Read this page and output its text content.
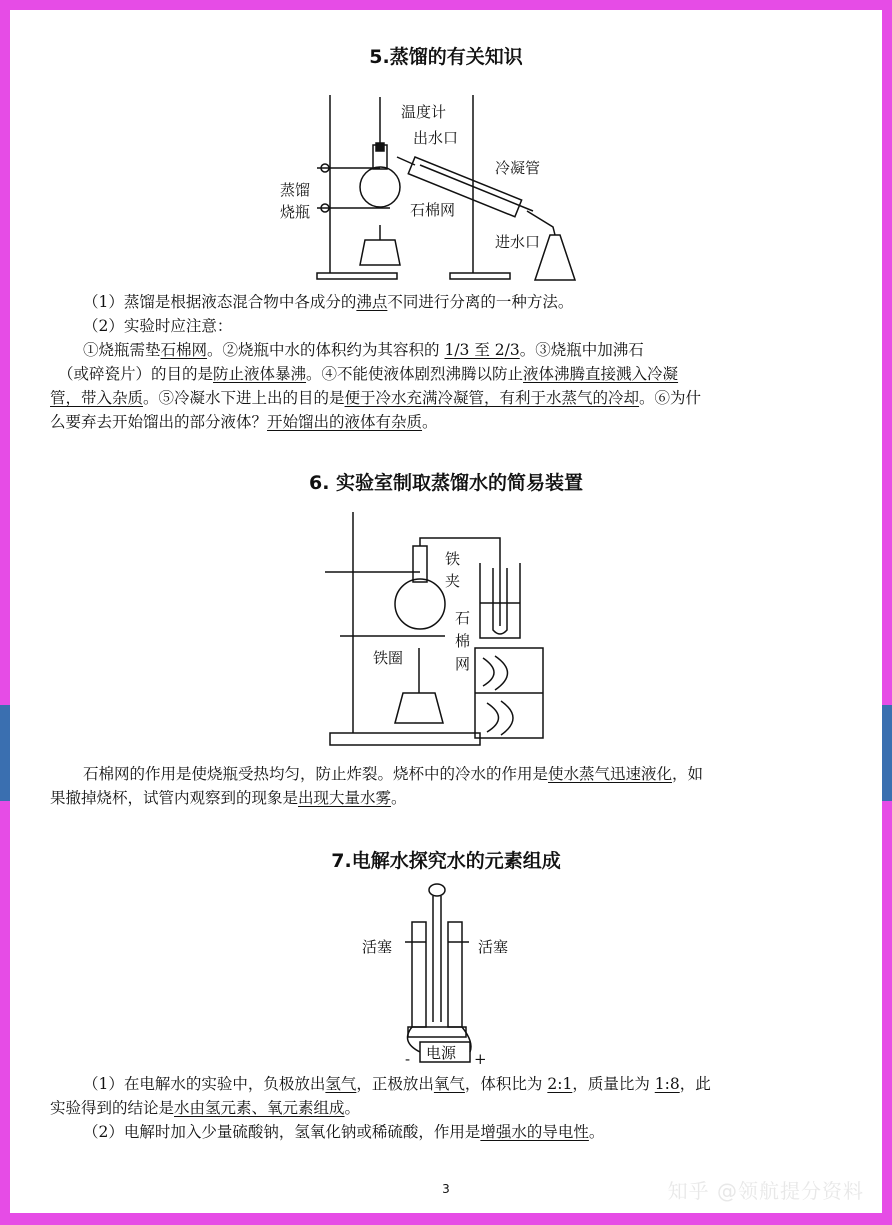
5.蒸馏的有关知识
温度计
出水口
冷凝管
蒸馏
烧瓶	石棉网
进水口

（1）蒸馏是根据液态混合物中各成分的沸点不同进行分离的一种方法。

（2）实验时应注意：

①烧瓶需垫石棉网。②烧瓶中水的体积约为其容积的 1/3 至 2/3。③烧瓶中加沸石

（或碎瓷片）的目的是防止液体暴沸。④不能使液体剧烈沸腾以防止液体沸腾直接溅入冷凝

管，带入杂质。⑤冷凝水下进上出的目的是便于冷水充满冷凝管，有利于水蒸气的冷却。⑥为什

么要弃去开始馏出的部分液体？开始馏出的液体有杂质。

6. 实验室制取蒸馏水的简易装置
铁
夹
石
棉
网
铁圈

石棉网的作用是使烧瓶受热均匀，防止炸裂。烧杯中的冷水的作用是使水蒸气迅速液化，如

果撤掉烧杯，试管内观察到的现象是出现大量水雾。

7.电解水探究水的元素组成
活塞	活塞
电源
-	+

（1）在电解水的实验中，负极放出氢气，正极放出氧气，体积比为 2:1，质量比为 1:8，此

实验得到的结论是水由氢元素、氧元素组成。

（2）电解时加入少量硫酸钠，氢氧化钠或稀硫酸，作用是增强水的导电性。

3	知乎 @领航提分资料
